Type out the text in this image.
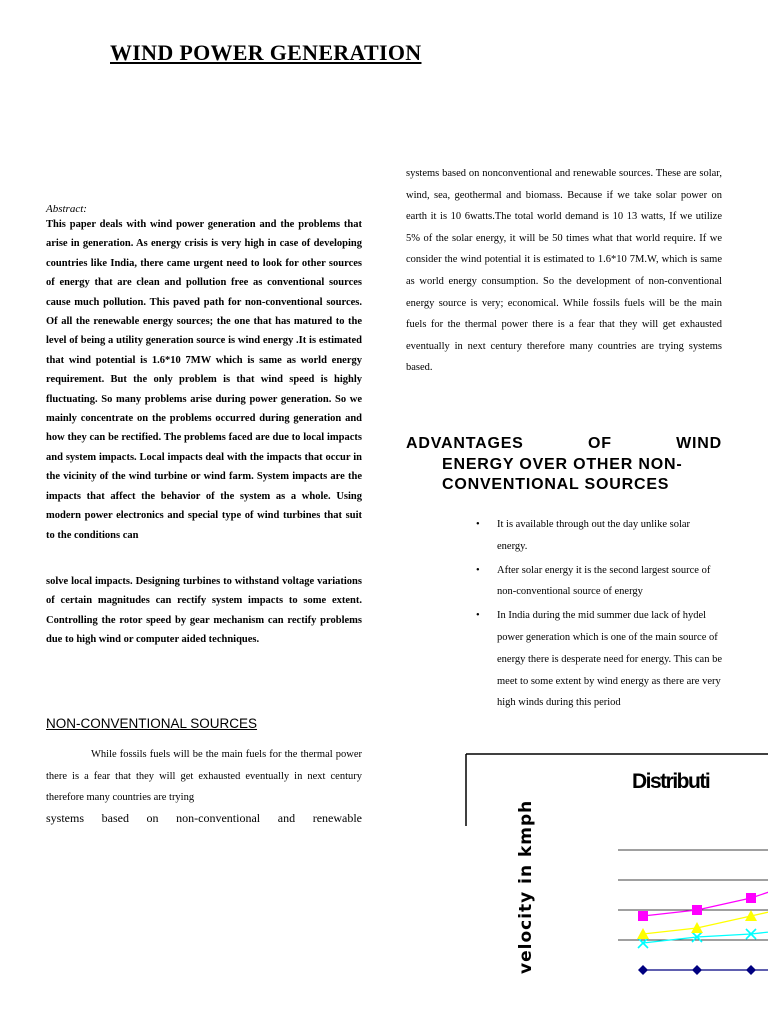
WIND POWER GENERATION
Abstract:
This paper deals with wind power generation and the problems that arise in generation. As energy crisis is very high in case of developing countries like India, there came urgent need to look for other sources of energy that are clean and pollution free as conventional sources cause much pollution. This paved path for non-conventional sources. Of all the renewable energy sources; the one that has matured to the level of being a utility generation source is wind energy .It is estimated that wind potential is 1.6*10 7MW which is same as world energy requirement. But the only problem is that wind speed is highly fluctuating. So many problems arise during power generation. So we mainly concentrate on the problems occurred during generation and how they can be rectified. The problems faced are due to local impacts and system impacts. Local impacts deal with the impacts that occur in the vicinity of the wind turbine or wind farm. System impacts are the impacts that affect the behavior of the system as a whole. Using modern power electronics and special type of wind turbines that suit to the conditions can
solve local impacts. Designing turbines to withstand voltage variations of certain magnitudes can rectify system impacts to some extent. Controlling the rotor speed by gear mechanism can rectify problems due to high wind or computer aided techniques.
NON-CONVENTIONAL SOURCES
While fossils fuels will be the main fuels for the thermal power there is a fear that they will get exhausted eventually in next century therefore many countries are trying
systems based on non-conventional and renewable
systems based on nonconventional and renewable sources. These are solar, wind, sea, geothermal and biomass. Because if we take solar power on earth it is 10 6watts.The total world demand is 10 13 watts, If we utilize 5% of the solar energy, it will be 50 times what that world require. If we consider the wind potential it is estimated to 1.6*10 7M.W, which is same as world energy consumption. So the development of non-conventional energy source is very; economical. While fossils fuels will be the main fuels for the thermal power there is a fear that they will get exhausted eventually in next century therefore many countries are trying systems based.
ADVANTAGES OF WIND
ENERGY OVER OTHER NON-
CONVENTIONAL SOURCES
• It is available through out the day unlike solar energy.
• After solar energy it is the second largest source of non-conventional source of energy
• In India during the mid summer due lack of hydel power generation which is one of the main source of energy there is desperate need for energy. This can be meet to some extent by wind energy as there are very high winds during this period
Distributi
velocity in kmph
